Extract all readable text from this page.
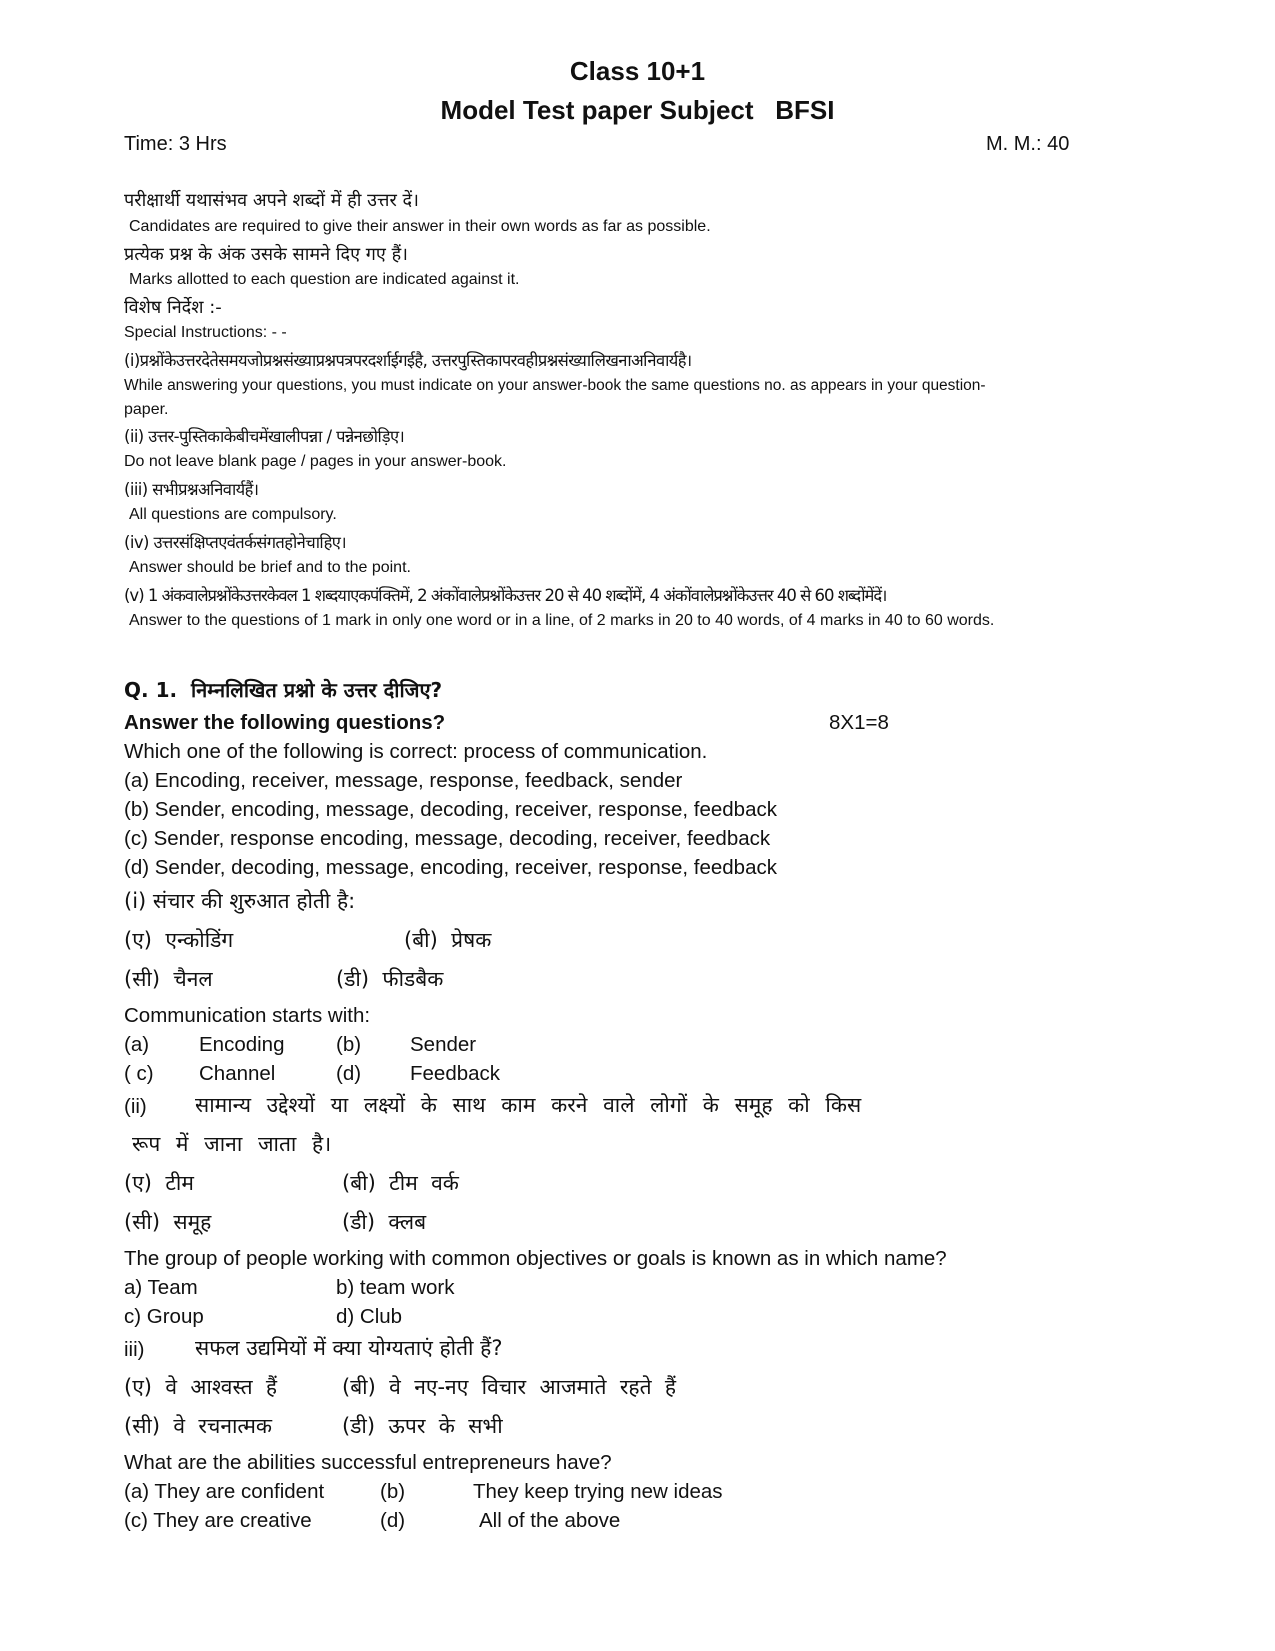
Class 10+1
Model Test paper Subject   BFSI
Time: 3 Hrs	M. M.: 40
परीक्षार्थी यथासंभव अपने शब्दों में ही उत्तर दें।
Candidates are required to give their answer in their own words as far as possible.
प्रत्येक प्रश्न के अंक उसके सामने दिए गए हैं।
Marks allotted to each question are indicated against it.
विशेष निर्देश :-
Special Instructions: - -
(i)प्रश्नोंकेउत्तरदेतेसमयजोप्रश्नसंख्याप्रश्नपत्रपरदर्शाईगईहै, उत्तरपुस्तिकापरवहीप्रश्नसंख्यालिखनाअनिवार्यहै।
While answering your questions, you must indicate on your answer-book the same questions no. as appears in your question-
paper.
(ii) उत्तर-पुस्तिकाकेबीचमेंखालीपन्ना / पन्नेनछोड़िए।
Do not leave blank page / pages in your answer-book.
(iii) सभीप्रश्नअनिवार्यहैं।
All questions are compulsory.
(iv) उत्तरसंक्षिप्तएवंतर्कसंगतहोनेचाहिए।
Answer should be brief and to the point.
(v) 1 अंकवालेप्रश्नोंकेउत्तरकेवल 1 शब्दयाएकपंक्तिमें, 2 अंकोंवालेप्रश्नोंकेउत्तर 20 से 40 शब्दोंमें, 4 अंकोंवालेप्रश्नोंकेउत्तर 40 से 60 शब्दोंमेंदें।
Answer to the questions of 1 mark in only one word or in a line, of 2 marks in 20 to 40 words, of 4 marks in 40 to 60 words.
Q. 1.  निम्नलिखित प्रश्नो के उत्तर दीजिए?
Answer the following questions?	8X1=8
Which one of the following is correct: process of communication.
(a) Encoding, receiver, message, response, feedback, sender
(b) Sender, encoding, message, decoding, receiver, response, feedback
(c) Sender, response encoding, message, decoding, receiver, feedback
(d) Sender, decoding, message, encoding, receiver, response, feedback
(i) संचार की शुरुआत होती है:
(ए)  एन्कोडिंग	(बी)  प्रेषक
(सी)  चैनल	(डी)  फीडबैक
Communication starts with:
(a) Encoding	(b) Sender
( c) Channel	(d) Feedback
(ii) सामान्य उद्देश्यों या लक्ष्यों के साथ काम करने वाले लोगों के समूह को किस
रूप में जाना जाता है।
(ए)  टीम	(बी)  टीम  वर्क
(सी)  समूह	(डी)  क्लब
The group of people working with common objectives or goals is known as in which name?
a) Team	b) team work
c) Group	d) Club
iii) सफल उद्यमियों में क्या योग्यताएं होती हैं?
(ए)  वे  आश्वस्त  हैं	(बी)  वे  नए-नए  विचार  आजमाते  रहते  हैं
(सी)  वे  रचनात्मक	(डी)  ऊपर  के  सभी
What are the abilities successful entrepreneurs have?
(a) They are confident	(b)	They keep trying new ideas
(c) They are creative	(d)	All of the above
